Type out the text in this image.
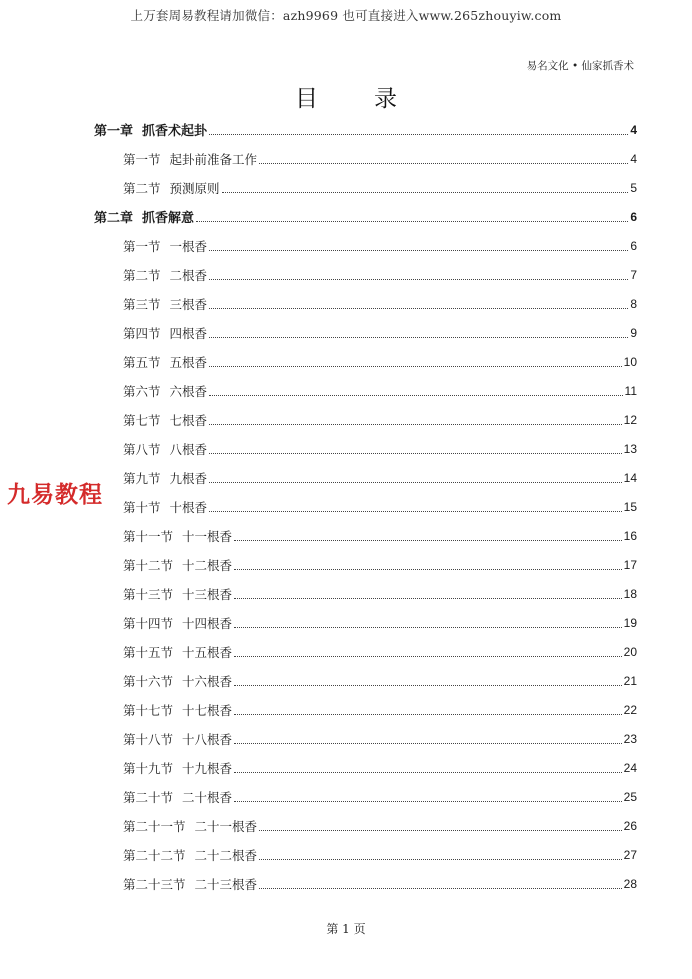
上万套周易教程请加微信：azh9969 也可直接进入www.265zhouyiw.com
易名文化 • 仙家抓香术
目 录
第一章 抓香术起卦	4
第一节 起卦前准备工作	4
第二节 预测原则	5
第二章 抓香解意	6
第一节 一根香	6
第二节 二根香	7
第三节 三根香	8
第四节 四根香	9
第五节 五根香	10
第六节 六根香	11
第七节 七根香	12
第八节 八根香	13
第九节 九根香	14
第十节 十根香	15
第十一节 十一根香	16
第十二节 十二根香	17
第十三节 十三根香	18
第十四节 十四根香	19
第十五节 十五根香	20
第十六节 十六根香	21
第十七节 十七根香	22
第十八节 十八根香	23
第十九节 十九根香	24
第二十节 二十根香	25
第二十一节 二十一根香	26
第二十二节 二十二根香	27
第二十三节 二十三根香	28
九易教程
第 1 页
